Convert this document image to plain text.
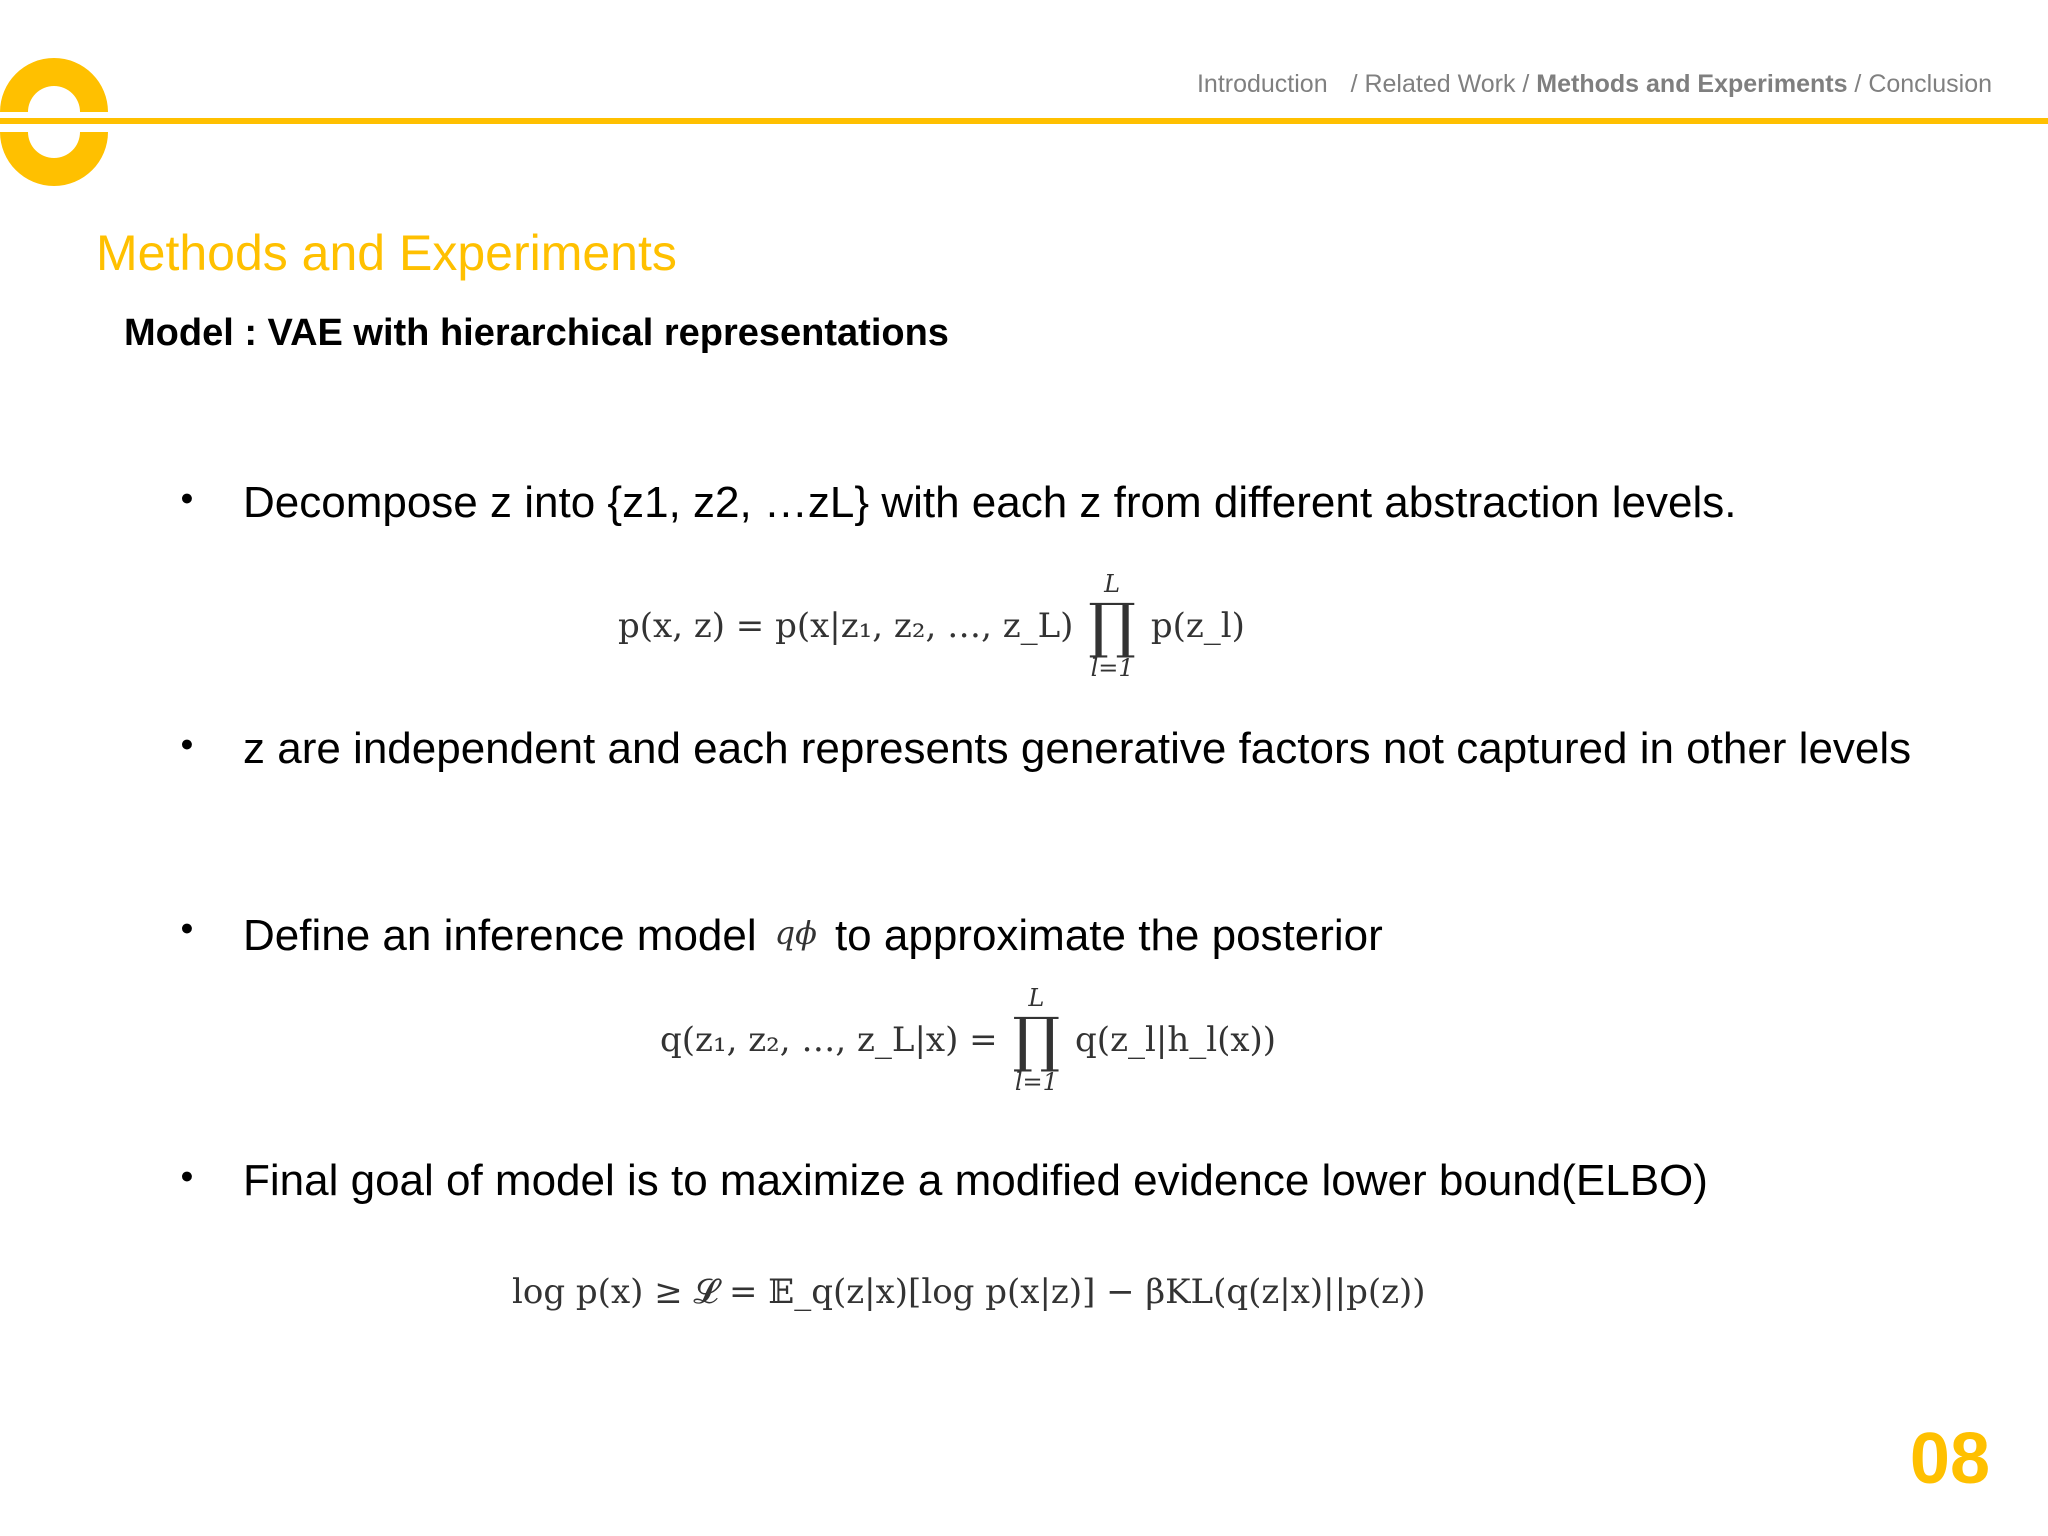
Introduction / Related Work / Methods and Experiments / Conclusion
Methods and Experiments
Model : VAE with hierarchical representations
● Decompose z into {z1, z2, …zL} with each z from different abstraction levels.
p(x, z) = p(x|z₁, z₂, …, z_L)
L
∏
l=1
p(z_l)
● z are independent and each represents generative factors not captured in other levels
● Define an inference model qϕ to approximate the posterior
q(z₁, z₂, …, z_L|x) =
L
∏
l=1
q(z_l|h_l(x))
● Final goal of model is to maximize a modified evidence lower bound(ELBO)
log p(x) ≥ 𝓛 = 𝔼_q(z|x)[log p(x|z)] − βKL(q(z|x)||p(z))
08
